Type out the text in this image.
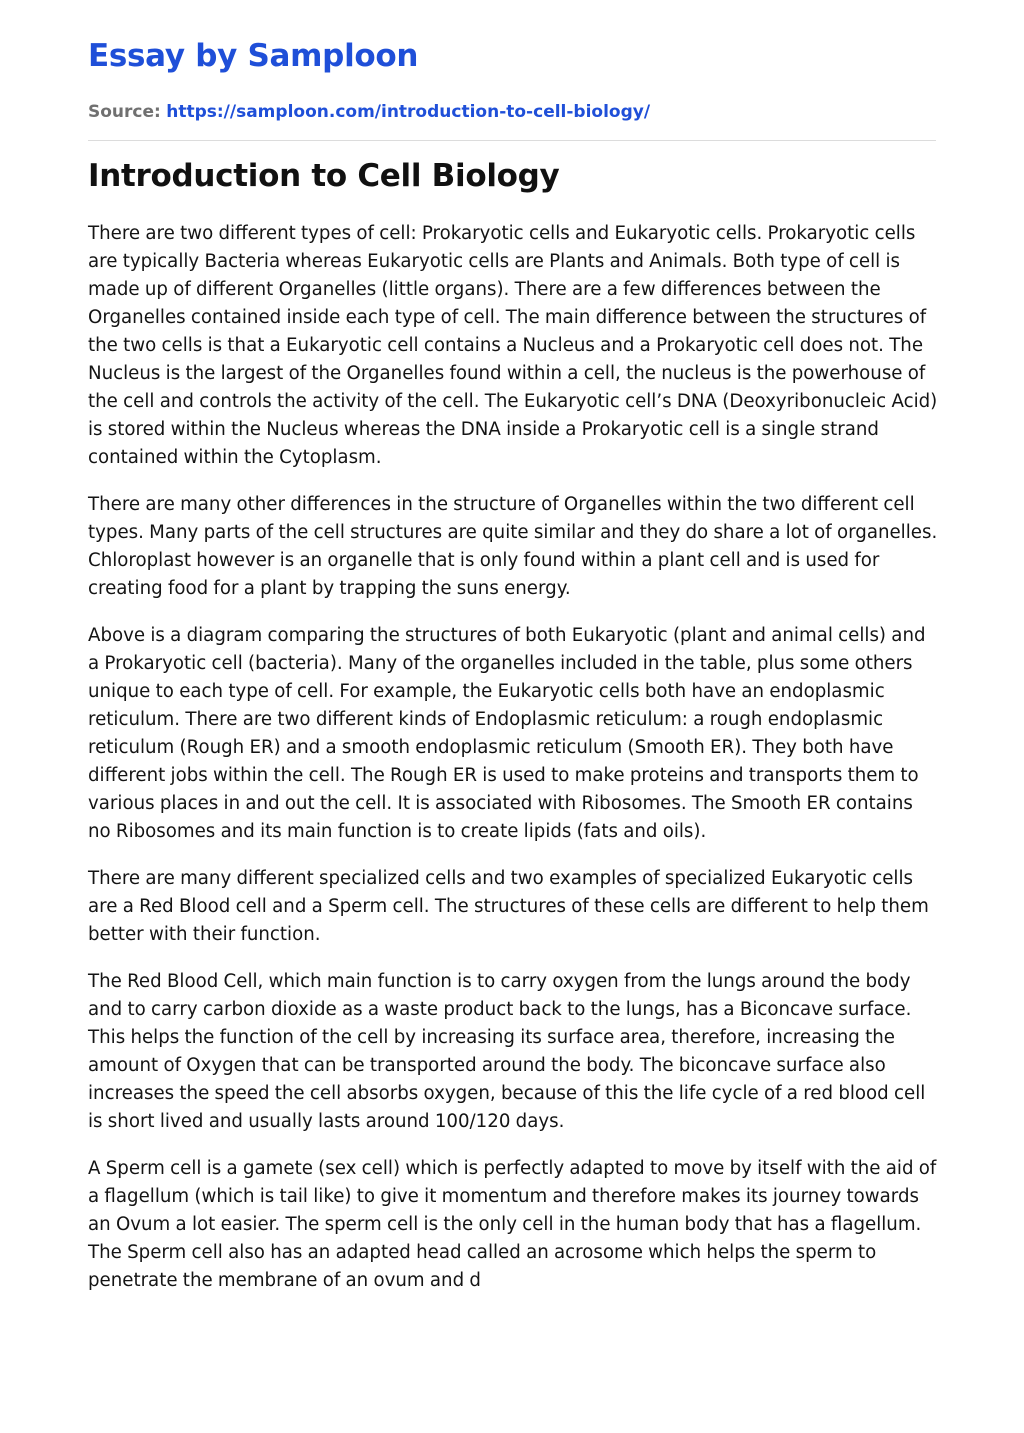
Essay by Samploon
Source: https://samploon.com/introduction-to-cell-biology/
Introduction to Cell Biology

There are two different types of cell: Prokaryotic cells and Eukaryotic cells. Prokaryotic cells are typically Bacteria whereas Eukaryotic cells are Plants and Animals. Both type of cell is made up of different Organelles (little organs). There are a few differences between the Organelles contained inside each type of cell. The main difference between the structures of the two cells is that a Eukaryotic cell contains a Nucleus and a Prokaryotic cell does not. The Nucleus is the largest of the Organelles found within a cell, the nucleus is the powerhouse of the cell and controls the activity of the cell. The Eukaryotic cell’s DNA (Deoxyribonucleic Acid) is stored within the Nucleus whereas the DNA inside a Prokaryotic cell is a single strand contained within the Cytoplasm.

There are many other differences in the structure of Organelles within the two different cell types. Many parts of the cell structures are quite similar and they do share a lot of organelles. Chloroplast however is an organelle that is only found within a plant cell and is used for creating food for a plant by trapping the suns energy.

Above is a diagram comparing the structures of both Eukaryotic (plant and animal cells) and a Prokaryotic cell (bacteria). Many of the organelles included in the table, plus some others unique to each type of cell. For example, the Eukaryotic cells both have an endoplasmic reticulum. There are two different kinds of Endoplasmic reticulum: a rough endoplasmic reticulum (Rough ER) and a smooth endoplasmic reticulum (Smooth ER). They both have different jobs within the cell. The Rough ER is used to make proteins and transports them to various places in and out the cell. It is associated with Ribosomes. The Smooth ER contains no Ribosomes and its main function is to create lipids (fats and oils).

There are many different specialized cells and two examples of specialized Eukaryotic cells are a Red Blood cell and a Sperm cell. The structures of these cells are different to help them better with their function.

The Red Blood Cell, which main function is to carry oxygen from the lungs around the body and to carry carbon dioxide as a waste product back to the lungs, has a Biconcave surface. This helps the function of the cell by increasing its surface area, therefore, increasing the amount of Oxygen that can be transported around the body. The biconcave surface also increases the speed the cell absorbs oxygen, because of this the life cycle of a red blood cell is short lived and usually lasts around 100/120 days.

A Sperm cell is a gamete (sex cell) which is perfectly adapted to move by itself with the aid of a flagellum (which is tail like) to give it momentum and therefore makes its journey towards an Ovum a lot easier. The sperm cell is the only cell in the human body that has a flagellum. The Sperm cell also has an adapted head called an acrosome which helps the sperm to penetrate the membrane of an ovum and d
